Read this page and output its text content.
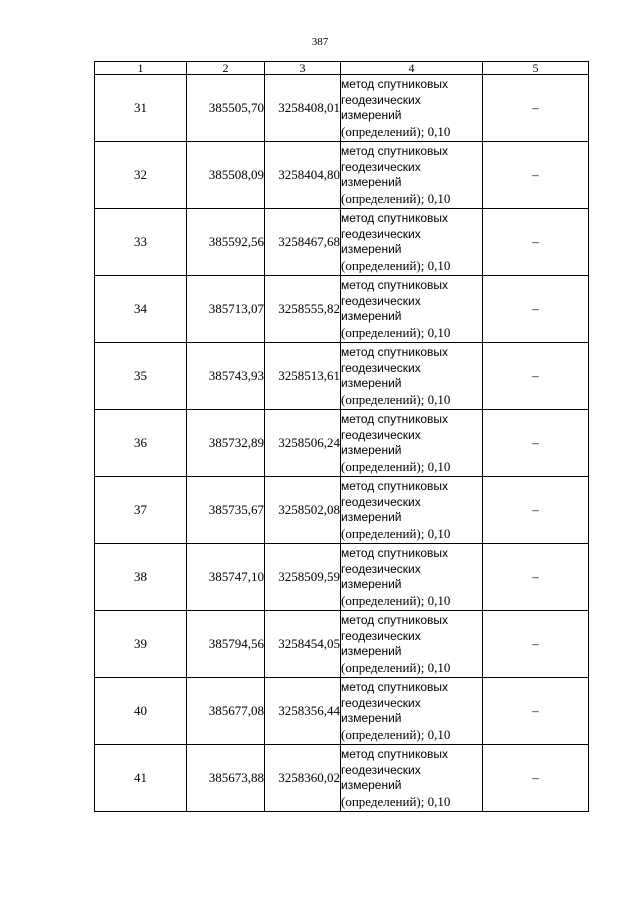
387
1	2	3	4	5
31	385505,70	3258408,01	метод спутниковых
геодезических
измерений
(определений); 0,10	–
32	385508,09	3258404,80	метод спутниковых
геодезических
измерений
(определений); 0,10	–
33	385592,56	3258467,68	метод спутниковых
геодезических
измерений
(определений); 0,10	–
34	385713,07	3258555,82	метод спутниковых
геодезических
измерений
(определений); 0,10	–
35	385743,93	3258513,61	метод спутниковых
геодезических
измерений
(определений); 0,10	–
36	385732,89	3258506,24	метод спутниковых
геодезических
измерений
(определений); 0,10	–
37	385735,67	3258502,08	метод спутниковых
геодезических
измерений
(определений); 0,10	–
38	385747,10	3258509,59	метод спутниковых
геодезических
измерений
(определений); 0,10	–
39	385794,56	3258454,05	метод спутниковых
геодезических
измерений
(определений); 0,10	–
40	385677,08	3258356,44	метод спутниковых
геодезических
измерений
(определений); 0,10	–
41	385673,88	3258360,02	метод спутниковых
геодезических
измерений
(определений); 0,10	–
